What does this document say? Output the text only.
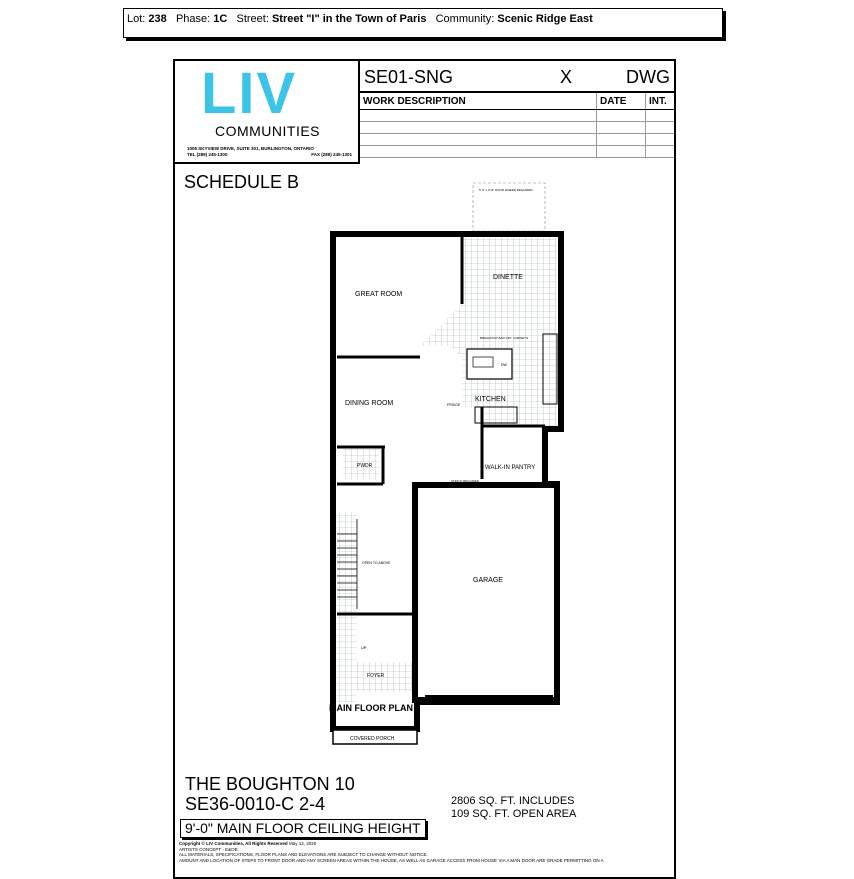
Lot: 238 Phase: 1C Street: Street "I" in the Town of Paris Community: Scenic Ridge East
LIV
COMMUNITIES
1005 SKYVIEW DRIVE, SUITE 301, BURLINGTON, ONTARIO
TEL (289) 245-1300	FAX (289) 245-1301
SE01-SNG	X	DWG
WORK DESCRIPTION	DATE	INT.

SCHEDULE B
GREAT ROOM
DINETTE
KITCHEN
DINING ROOM
WALK-IN PANTRY
GARAGE
PWDR
FOYER
COVERED PORCH
OPEN TO ABOVE
BREAKFAST BAR OPT. CABINETS
DW
FRIDGE
UP
STEP IF REQUIRED
5'-0" x 6'-8" DOOR WHERE REQUIRED
OPTIONAL FIREPLACE
MAIN FLOOR PLAN
THE BOUGHTON 10
SE36-0010-C 2-4	2806 SQ. FT. INCLUDES
109 SQ. FT. OPEN AREA
9'-0" MAIN FLOOR CEILING HEIGHT
Copyright © LIV Communities, All Rights Reserved May 12, 2020
ARTISTS CONCEPT - E&OE
ALL MATERIALS, SPECIFICATIONS, FLOOR PLANS AND ELEVATIONS ARE SUBJECT TO CHANGE WITHOUT NOTICE.
AMOUNT AND LOCATION OF STEPS TO FRONT DOOR AND ANY SCREEN AREAS WITHIN THE HOUSE, AS WELL AS GARAGE ACCESS FROM HOUSE VIA A MAN DOOR ARE GRADE PERMITTING ON A
